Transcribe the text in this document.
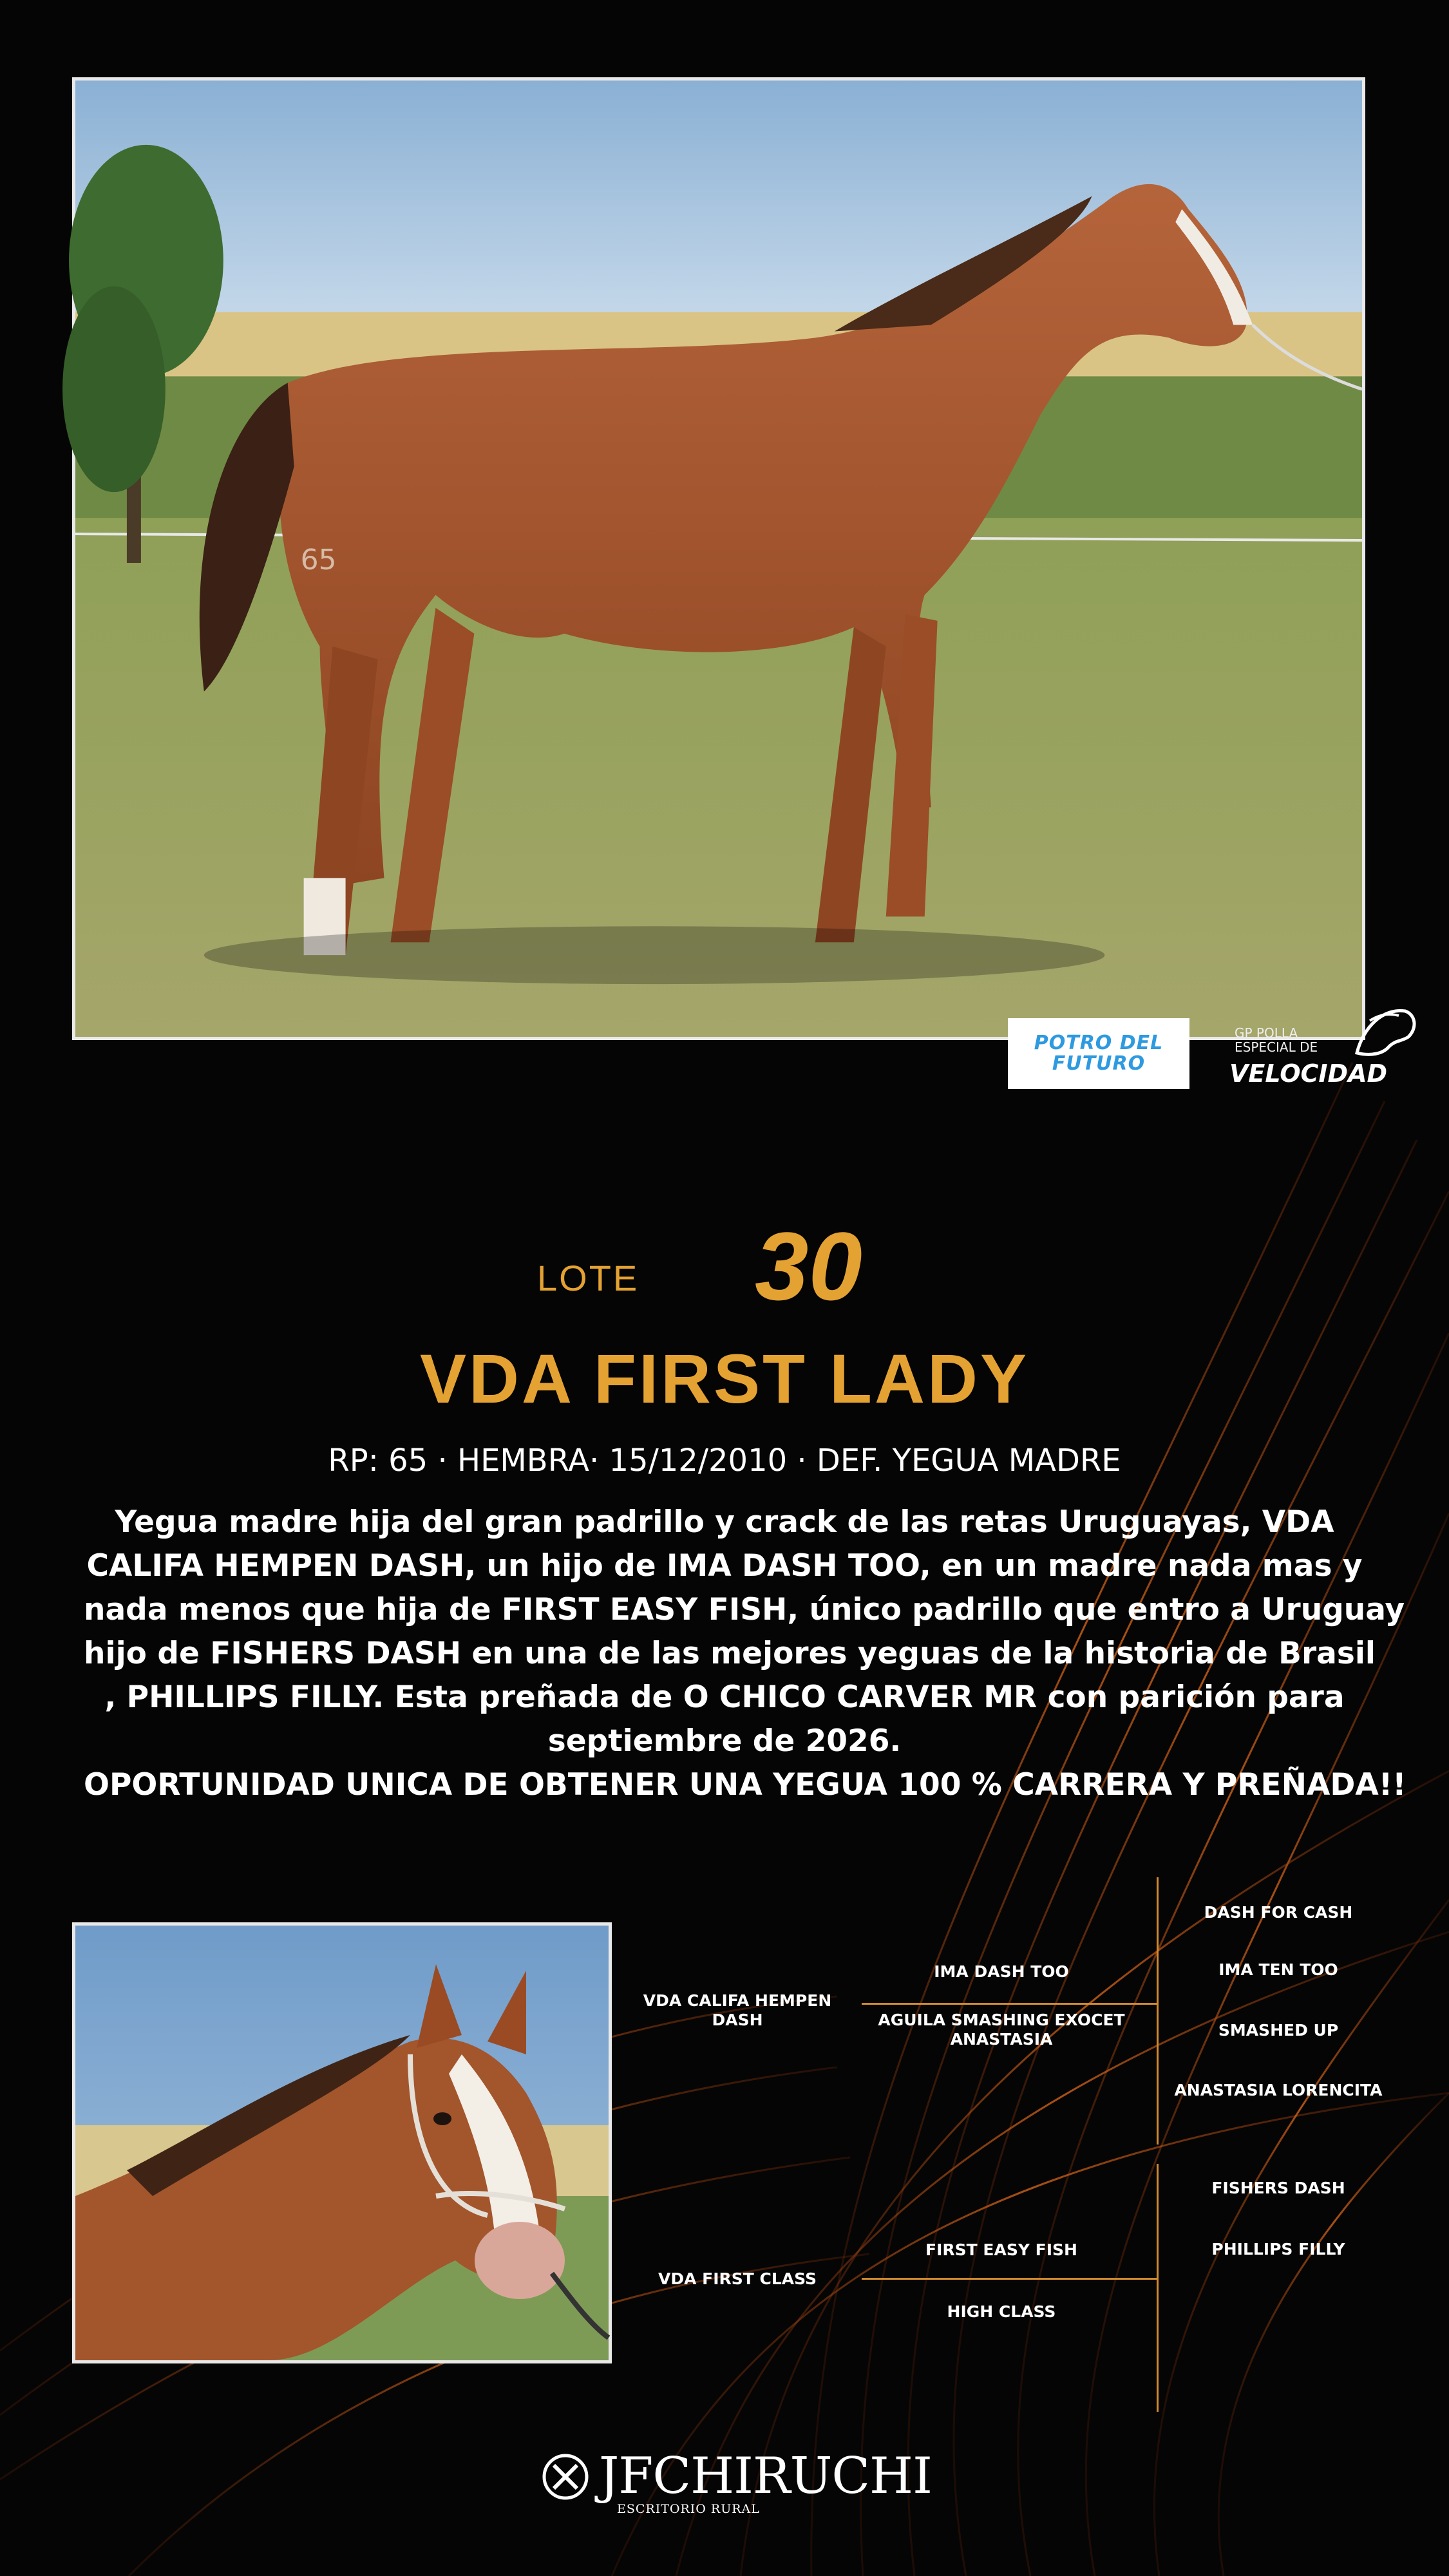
65
POTRO DEL
FUTURO
GP POLLA
ESPECIAL DE
VELOCIDAD
LOTE 30
VDA FIRST LADY
RP: 65 · HEMBRA· 15/12/2010 · DEF. YEGUA MADRE
Yegua madre hija del gran padrillo y crack de las retas Uruguayas, VDA
CALIFA HEMPEN DASH, un hijo de IMA DASH TOO, en un madre nada mas y
nada menos que hija de FIRST EASY FISH, único padrillo que entro a Uruguay
hijo de FISHERS DASH en una de las mejores yeguas de la historia de Brasil
, PHILLIPS FILLY. Esta preñada de O CHICO CARVER MR con parición para
septiembre de 2026.
OPORTUNIDAD UNICA DE OBTENER UNA YEGUA 100 % CARRERA Y PREÑADA!!
VDA CALIFA HEMPEN DASH
IMA DASH TOO
AGUILA SMASHING EXOCET ANASTASIA
DASH FOR CASH
IMA TEN TOO
SMASHED UP
ANASTASIA LORENCITA
VDA FIRST CLASS
FIRST EASY FISH
HIGH CLASS
FISHERS DASH
PHILLIPS FILLY
JFCHIRUCHI
ESCRITORIO RURAL
